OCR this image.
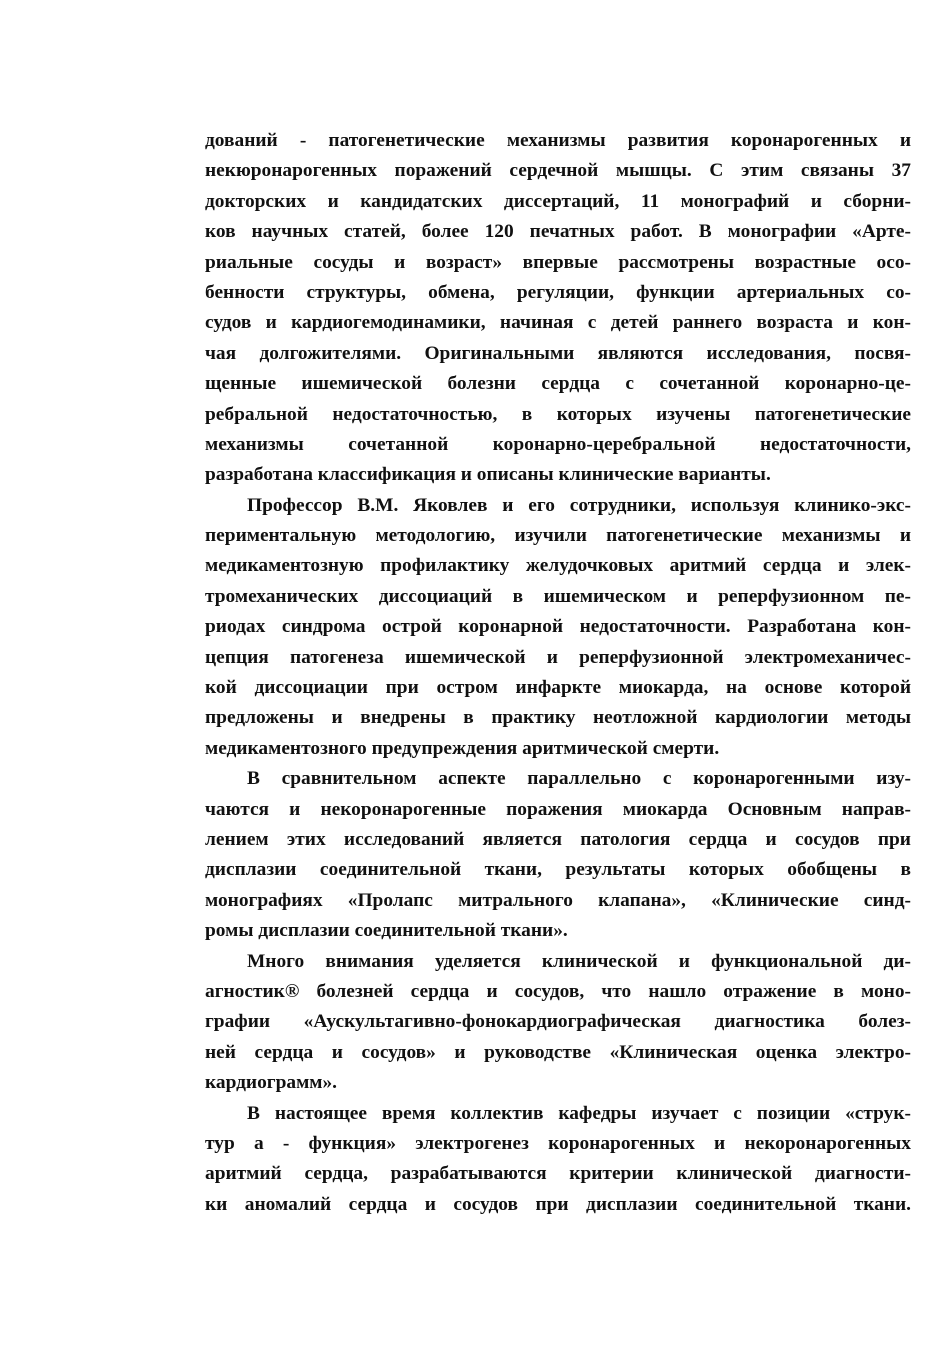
дований - патогенетические механизмы развития коронарогенных и
некюронарогенных поражений сердечной мышцы. С этим связаны 37
докторских и кандидатских диссертаций, 11 монографий и сборни-
ков научных статей, более 120 печатных работ. В монографии «Арте-
риальные сосуды и возраст» впервые рассмотрены возрастные осо-
бенности структуры, обмена, регуляции, функции артериальных со-
судов и кардиогемодинамики, начиная с детей раннего возраста и кон-
чая долгожителями. Оригинальными являются исследования, посвя-
щенные ишемической болезни сердца с сочетанной коронарно-це-
ребральной недостаточностью, в которых изучены патогенетические
механизмы сочетанной коронарно-церебральной недостаточности,
разработана классификация и описаны клинические варианты.
Профессор В.М. Яковлев и его сотрудники, используя клинико-экс-
периментальную методологию, изучили патогенетические механизмы и
медикаментозную профилактику желудочковых аритмий сердца и элек-
тромеханических диссоциаций в ишемическом и реперфузионном пе-
риодах синдрома острой коронарной недостаточности. Разработана кон-
цепция патогенеза ишемической и реперфузионной электромеханичес-
кой диссоциации при остром инфаркте миокарда, на основе которой
предложены и внедрены в практику неотложной кардиологии методы
медикаментозного предупреждения аритмической смерти.
В сравнительном аспекте параллельно с коронарогенными изу-
чаются и некоронарогенные поражения миокарда Основным направ-
лением этих исследований является патология сердца и сосудов при
дисплазии соединительной ткани, результаты которых обобщены в
монографиях «Пролапс митрального клапана», «Клинические синд-
ромы дисплазии соединительной ткани».
Много внимания уделяется клинической и функциональной ди-
агностик® болезней сердца и сосудов, что нашло отражение в моно-
графии «Аускультагивно-фонокардиографическая диагностика болез-
ней сердца и сосудов» и руководстве «Клиническая оценка электро-
кардиограмм».
В настоящее время коллектив кафедры изучает с позиции «струк-
тур а - функция» электрогенез коронарогенных и некоронарогенных
аритмий сердца, разрабатываются критерии клинической диагности-
ки аномалий сердца и сосудов при дисплазии соединительной ткани.
